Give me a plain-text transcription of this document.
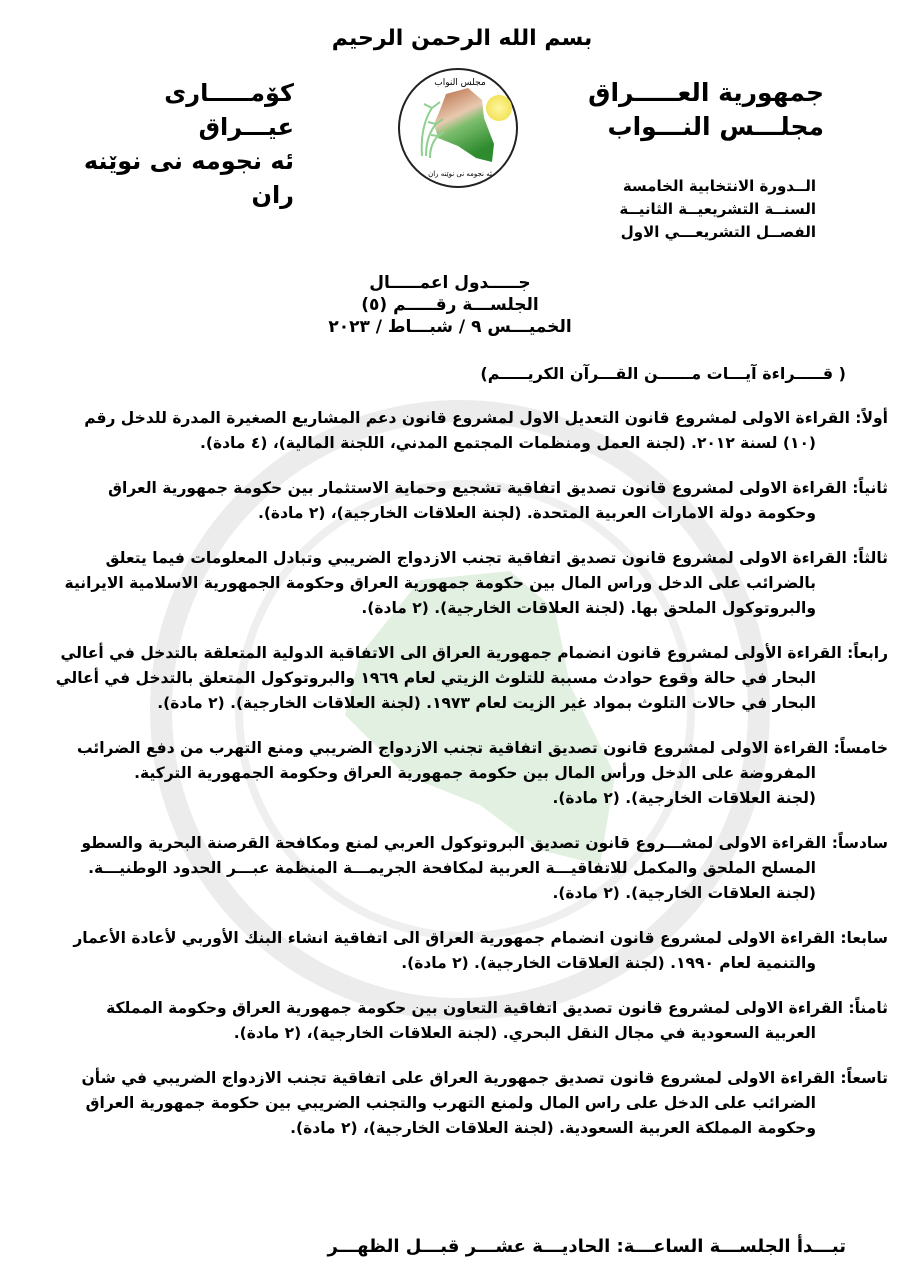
بسم الله الرحمن الرحيم
جمهورية العـــــراق
مجلـــس النـــواب
کۆمـــــاری عیـــراق
ئه نجومه نی نوێنه ران
مجلس النواب
ئه نجومه نی نوێنه ران
الــدورة الانتخابية الخامسة
السنــة التشريعيــة الثانيــة
الفصــل التشريعـــي الاول
جـــــدول اعمـــــال
الجلســـة رقـــــم (٥)
الخميـــس ٩ / شبـــاط / ٢٠٢٣
( قـــــراءة آيـــات مــــــن القـــرآن الكريـــــم)
أولاً: القراءة الاولى لمشروع قانون التعديل الاول لمشروع قانون دعم المشاريع الصغيرة المدرة للدخل رقم
(١٠) لسنة ٢٠١٢. (لجنة العمل ومنظمات المجتمع المدني، اللجنة المالية)، (٤ مادة).
ثانياً: القراءة الاولى لمشروع قانون تصديق اتفاقية تشجيع وحماية الاستثمار بين حكومة جمهورية العراق
وحكومة دولة الامارات العربية المتحدة. (لجنة العلاقات الخارجية)، (٢ مادة).
ثالثاً: القراءة الاولى لمشروع قانون تصديق اتفاقية تجنب الازدواج الضريبي وتبادل المعلومات فيما يتعلق
بالضرائب على الدخل وراس المال بين حكومة جمهورية العراق وحكومة الجمهورية الاسلامية الايرانية
والبروتوكول الملحق بها. (لجنة العلاقات الخارجية). (٢ مادة).
رابعاً: القراءة الأولى لمشروع قانون انضمام جمهورية العراق الى الاتفاقية الدولية المتعلقة بالتدخل في أعالي
البحار في حالة وقوع حوادث مسببة للتلوث الزيتي لعام ١٩٦٩ والبروتوكول المتعلق بالتدخل في أعالي
البحار في حالات التلوث بمواد غير الزيت لعام ١٩٧٣. (لجنة العلاقات الخارجية). (٢ مادة).
خامساً: القراءة الاولى لمشروع قانون تصديق اتفاقية تجنب الازدواج الضريبي ومنع التهرب من دفع الضرائب
المفروضة على الدخل ورأس المال بين حكومة جمهورية العراق وحكومة الجمهورية التركية.
(لجنة العلاقات الخارجية). (٢ مادة).
سادساً: القراءة الاولى لمشـــروع قانون تصديق البروتوكول العربي لمنع ومكافحة القرصنة البحرية والسطو
المسلح الملحق والمكمل للاتفاقيـــة العربية لمكافحة الجريمـــة المنظمة عبـــر الحدود الوطنيـــة.
(لجنة العلاقات الخارجية). (٢ مادة).
سابعا: القراءة الاولى لمشروع قانون انضمام جمهورية العراق الى اتفاقية انشاء البنك الأوربي لأعادة الأعمار
والتنمية لعام ١٩٩٠. (لجنة العلاقات الخارجية). (٢ مادة).
ثامناً: القراءة الاولى لمشروع قانون تصديق اتفاقية التعاون بين حكومة جمهورية العراق وحكومة المملكة
العربية السعودية في مجال النقل البحري. (لجنة العلاقات الخارجية)، (٢ مادة).
تاسعاً: القراءة الاولى لمشروع قانون تصديق جمهورية العراق على اتفاقية تجنب الازدواج الضريبي في شأن
الضرائب على الدخل على راس المال ولمنع التهرب والتجنب الضريبي بين حكومة جمهورية العراق
وحكومة المملكة العربية السعودية. (لجنة العلاقات الخارجية)، (٢ مادة).
تبـــدأ الجلســـة الساعـــة: الحاديـــة عشـــر قبـــل الظهـــر
